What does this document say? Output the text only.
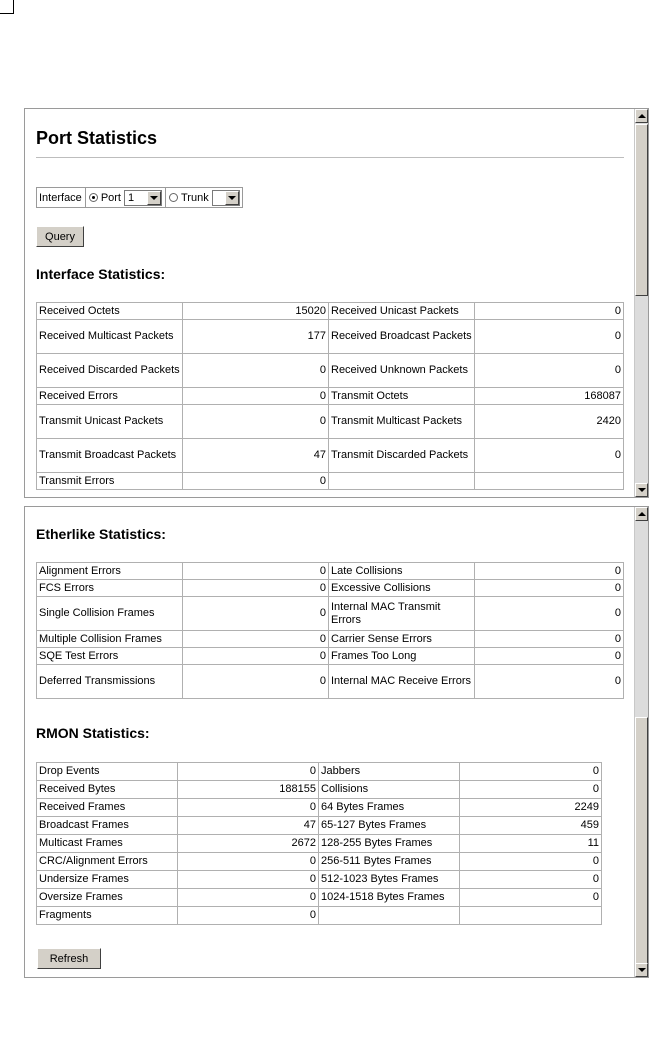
Port Statistics
Interface Port 1	Trunk
Query
Interface Statistics:
Received Octets	15020	Received Unicast Packets	0
Received Multicast Packets	177	Received Broadcast Packets	0
Received Discarded Packets	0	Received Unknown Packets	0
Received Errors	0	Transmit Octets	168087
Transmit Unicast Packets	0	Transmit Multicast Packets	2420
Transmit Broadcast Packets	47	Transmit Discarded Packets	0
Transmit Errors	0		
Etherlike Statistics:
Alignment Errors	0	Late Collisions	0
FCS Errors	0	Excessive Collisions	0
Single Collision Frames	0	Internal MAC Transmit Errors	0
Multiple Collision Frames	0	Carrier Sense Errors	0
SQE Test Errors	0	Frames Too Long	0
Deferred Transmissions	0	Internal MAC Receive Errors	0
RMON Statistics:
Drop Events	0	Jabbers	0
Received Bytes	188155	Collisions	0
Received Frames	0	64 Bytes Frames	2249
Broadcast Frames	47	65-127 Bytes Frames	459
Multicast Frames	2672	128-255 Bytes Frames	11
CRC/Alignment Errors	0	256-511 Bytes Frames	0
Undersize Frames	0	512-1023 Bytes Frames	0
Oversize Frames	0	1024-1518 Bytes Frames	0
Fragments	0		
Refresh
